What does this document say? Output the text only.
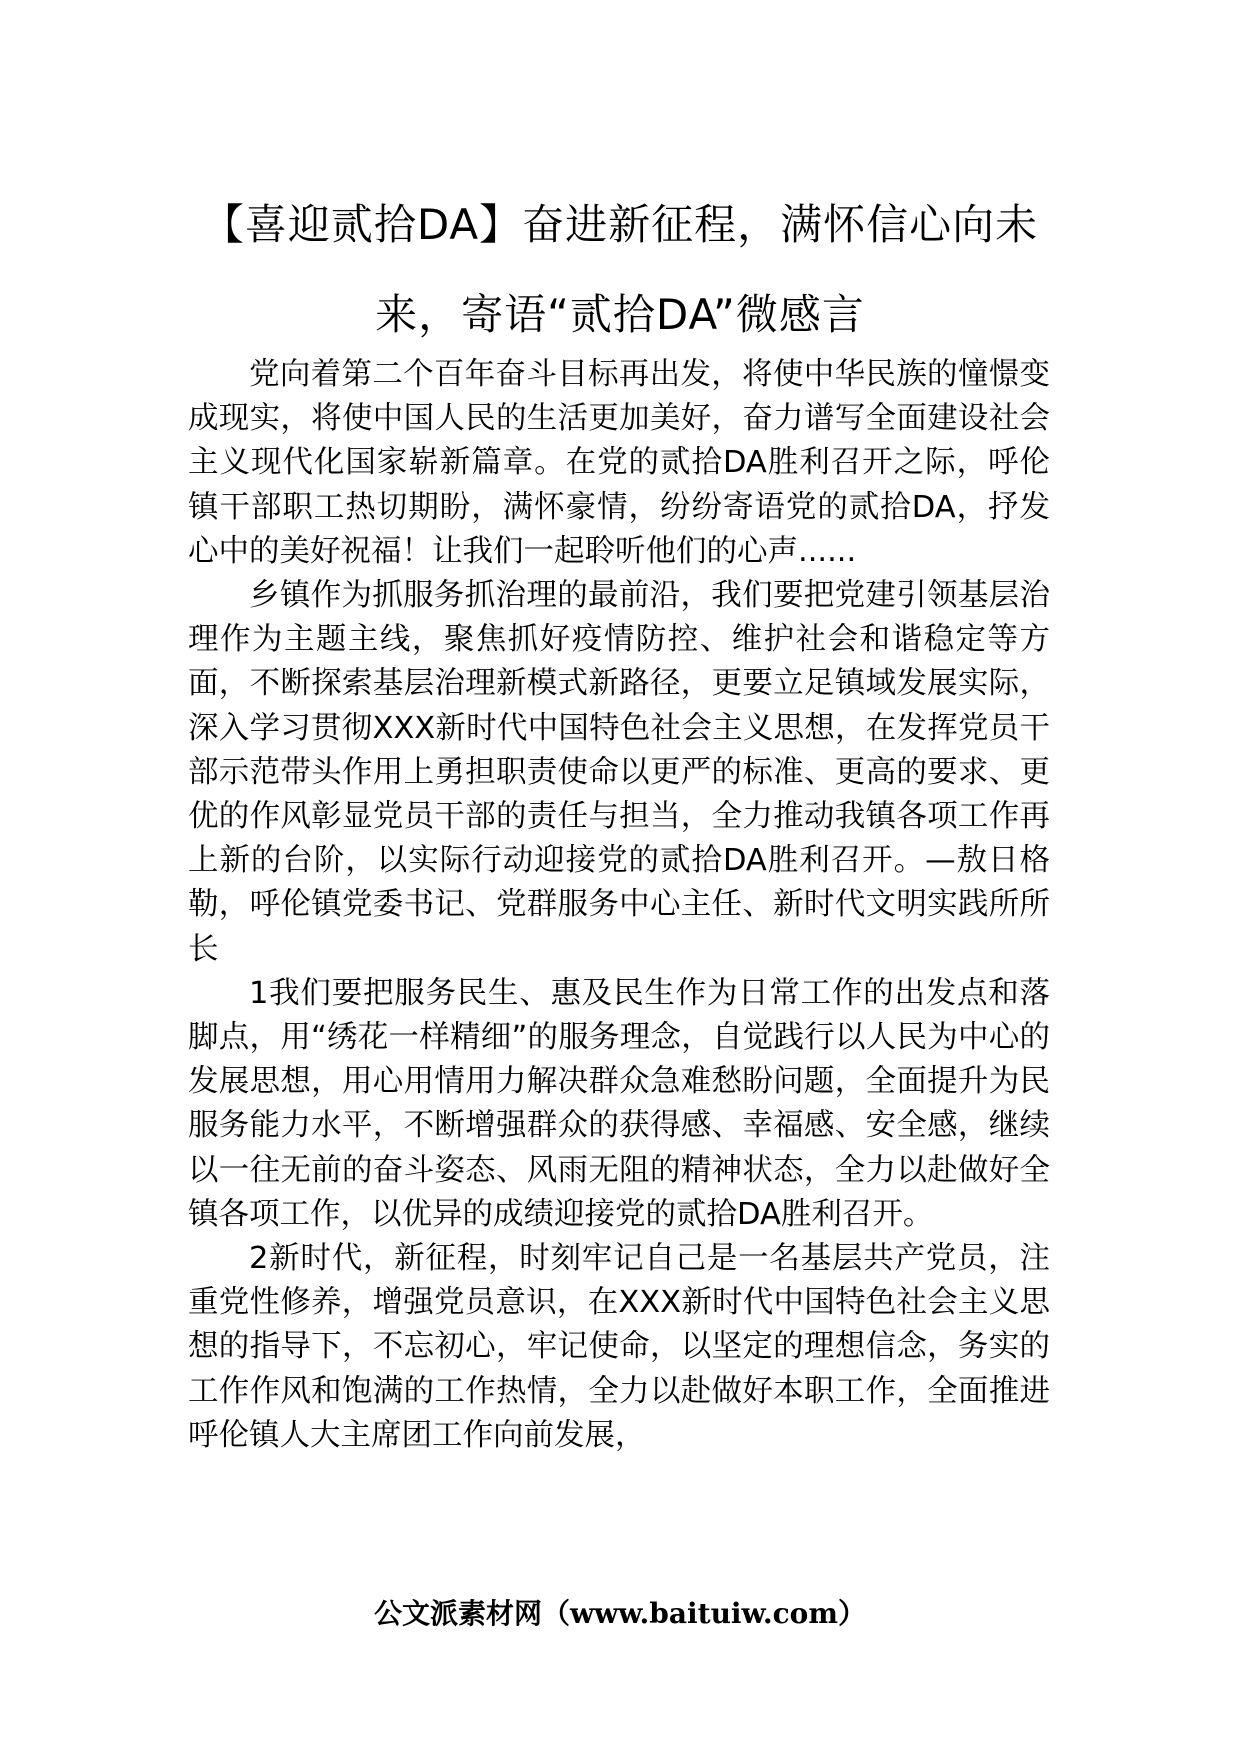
【喜迎贰拾DA】奋进新征程，满怀信心向未来，寄语“贰拾DA”微感言

党向着第二个百年奋斗目标再出发，将使中华民族的憧憬变成现实，将使中国人民的生活更加美好，奋力谱写全面建设社会主义现代化国家崭新篇章。在党的贰拾DA胜利召开之际，呼伦镇干部职工热切期盼，满怀豪情，纷纷寄语党的贰拾DA，抒发心中的美好祝福！让我们一起聆听他们的心声......

乡镇作为抓服务抓治理的最前沿，我们要把党建引领基层治理作为主题主线，聚焦抓好疫情防控、维护社会和谐稳定等方面，不断探索基层治理新模式新路径，更要立足镇域发展实际，深入学习贯彻XXX新时代中国特色社会主义思想，在发挥党员干部示范带头作用上勇担职责使命以更严的标准、更高的要求、更优的作风彰显党员干部的责任与担当，全力推动我镇各项工作再上新的台阶，以实际行动迎接党的贰拾DA胜利召开。—敖日格勒，呼伦镇党委书记、党群服务中心主任、新时代文明实践所所长

1我们要把服务民生、惠及民生作为日常工作的出发点和落脚点，用“绣花一样精细”的服务理念，自觉践行以人民为中心的发展思想，用心用情用力解决群众急难愁盼问题，全面提升为民服务能力水平，不断增强群众的获得感、幸福感、安全感，继续以一往无前的奋斗姿态、风雨无阻的精神状态，全力以赴做好全镇各项工作，以优异的成绩迎接党的贰拾DA胜利召开。

2新时代，新征程，时刻牢记自己是一名基层共产党员，注重党性修养，增强党员意识，在XXX新时代中国特色社会主义思想的指导下，不忘初心，牢记使命，以坚定的理想信念，务实的工作作风和饱满的工作热情，全力以赴做好本职工作，全面推进呼伦镇人大主席团工作向前发展，

公文派素材网（www.baituiw.com）
